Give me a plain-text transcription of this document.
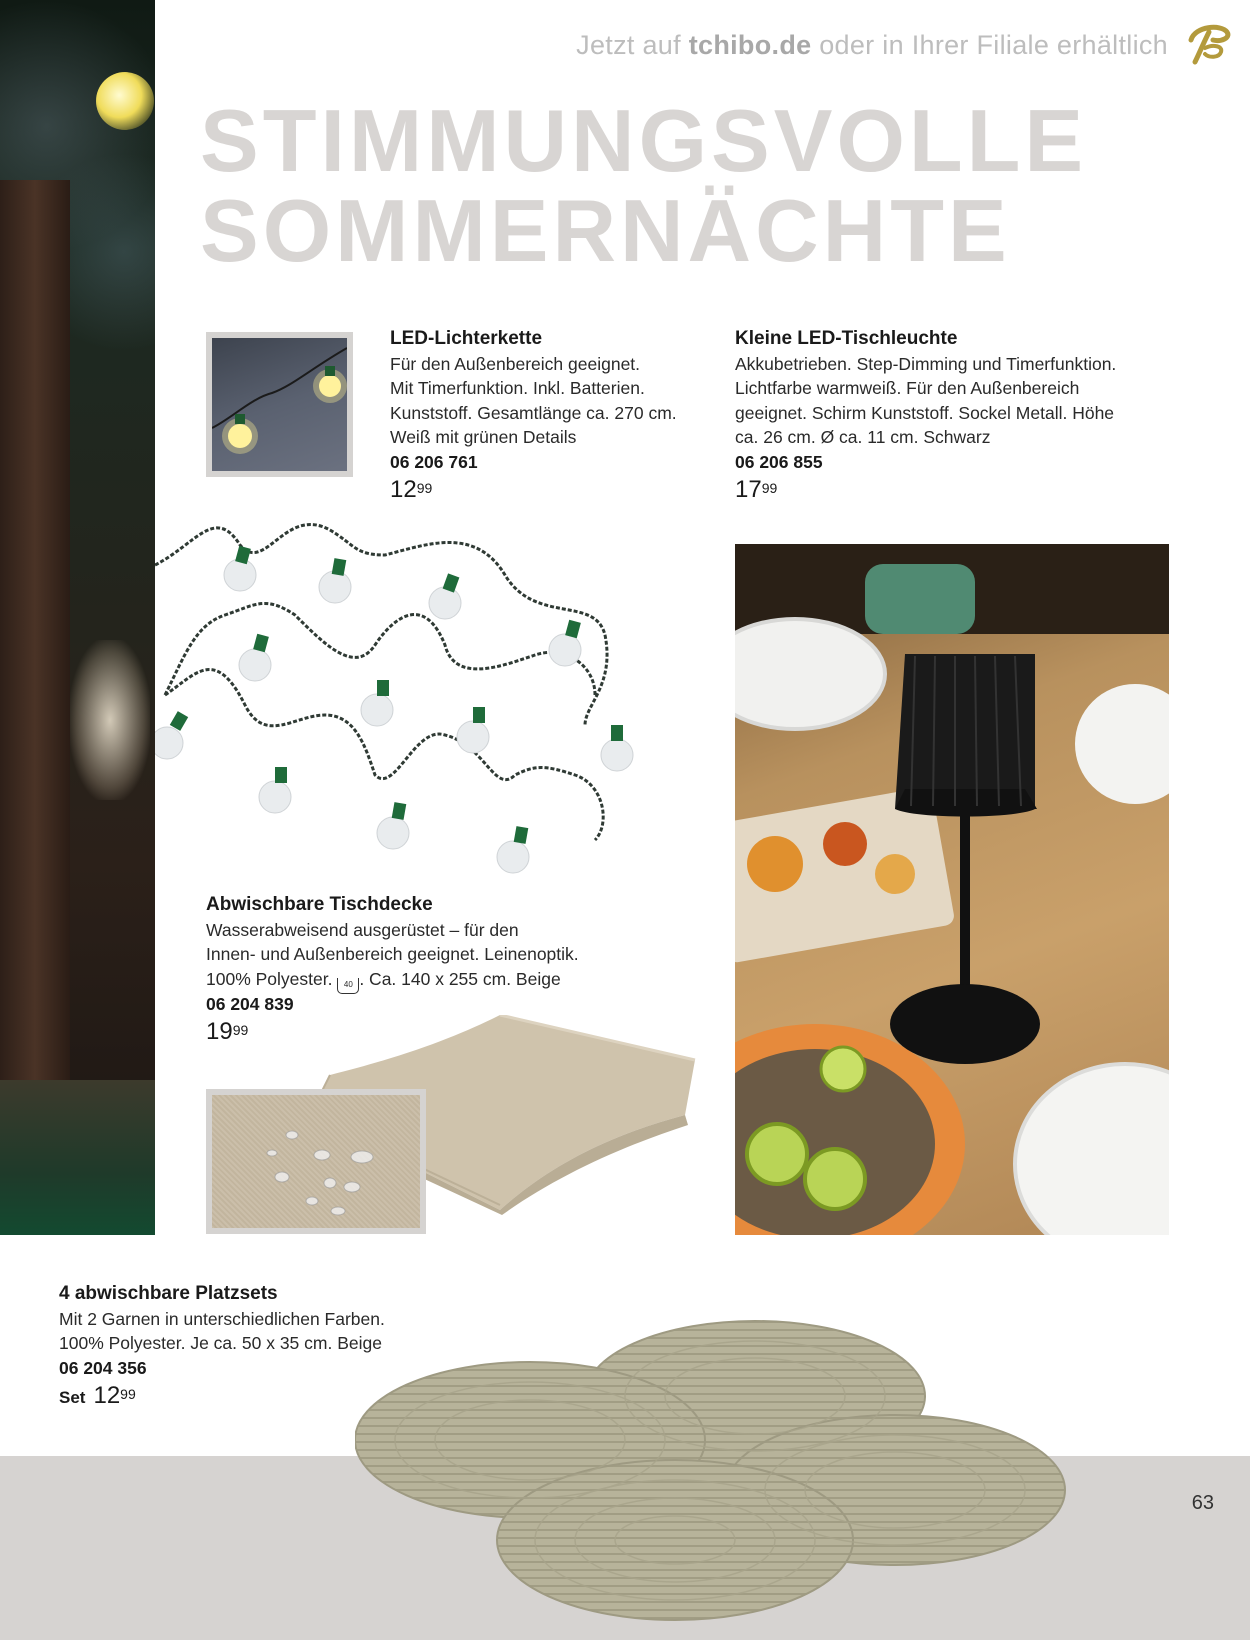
Jetzt auf tchibo.de oder in Ihrer Filiale erhältlich
STIMMUNGSVOLLE
SOMMERNÄCHTE
LED-Lichterkette
Für den Außenbereich geeignet.
Mit Timerfunktion. Inkl. Batterien.
Kunststoff. Gesamtlänge ca. 270 cm.
Weiß mit grünen Details
06 206 761
$12^{99}$
Kleine LED-Tischleuchte
Akkubetrieben. Step-Dimming und Timerfunktion.
Lichtfarbe warmweiß. Für den Außenbereich
geeignet. Schirm Kunststoff. Sockel Metall. Höhe
ca. 26 cm. Ø ca. 11 cm. Schwarz
06 206 855
$17^{99}$
Abwischbare Tischdecke
Wasserabweisend ausgerüstet – für den
Innen- und Außenbereich geeignet. Leinenoptik.
100% Polyester. 40 . Ca. 140 x 255 cm. Beige
06 204 839
$19^{99}$
4 abwischbare Platzsets
Mit 2 Garnen in unterschiedlichen Farben.
100% Polyester. Je ca. 50 x 35 cm. Beige
06 204 356
Set $12^{99}$
63
